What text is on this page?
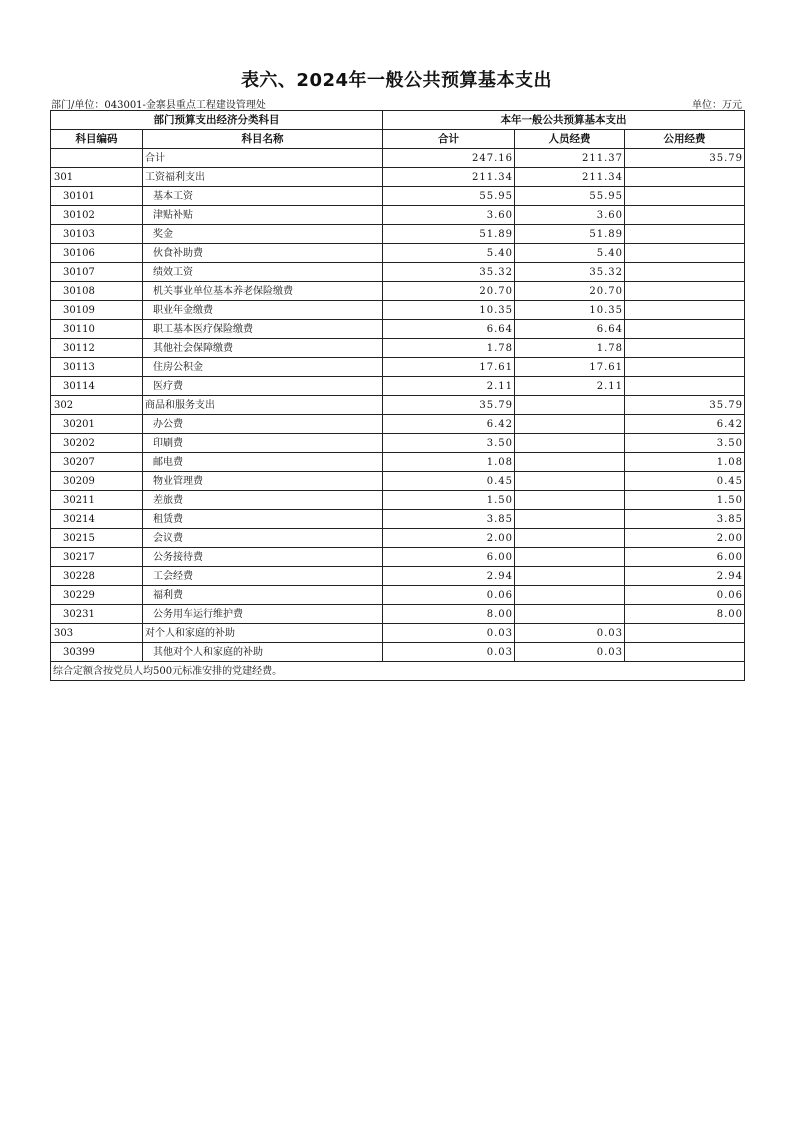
表六、2024年一般公共预算基本支出
部门/单位：043001-金寨县重点工程建设管理处	单位：万元
部门预算支出经济分类科目		本年一般公共预算基本支出		
科目编码	科目名称	合计	人员经费	公用经费
	合计	247.16	211.37	35.79
301	工资福利支出	211.34	211.34	
30101	基本工资	55.95	55.95	
30102	津贴补贴	3.60	3.60	
30103	奖金	51.89	51.89	
30106	伙食补助费	5.40	5.40	
30107	绩效工资	35.32	35.32	
30108	机关事业单位基本养老保险缴费	20.70	20.70	
30109	职业年金缴费	10.35	10.35	
30110	职工基本医疗保险缴费	6.64	6.64	
30112	其他社会保障缴费	1.78	1.78	
30113	住房公积金	17.61	17.61	
30114	医疗费	2.11	2.11	
302	商品和服务支出	35.79		35.79
30201	办公费	6.42		6.42
30202	印刷费	3.50		3.50
30207	邮电费	1.08		1.08
30209	物业管理费	0.45		0.45
30211	差旅费	1.50		1.50
30214	租赁费	3.85		3.85
30215	会议费	2.00		2.00
30217	公务接待费	6.00		6.00
30228	工会经费	2.94		2.94
30229	福利费	0.06		0.06
30231	公务用车运行维护费	8.00		8.00
303	对个人和家庭的补助	0.03	0.03	
30399	其他对个人和家庭的补助	0.03	0.03	
综合定额含按党员人均500元标准安排的党建经费。				
